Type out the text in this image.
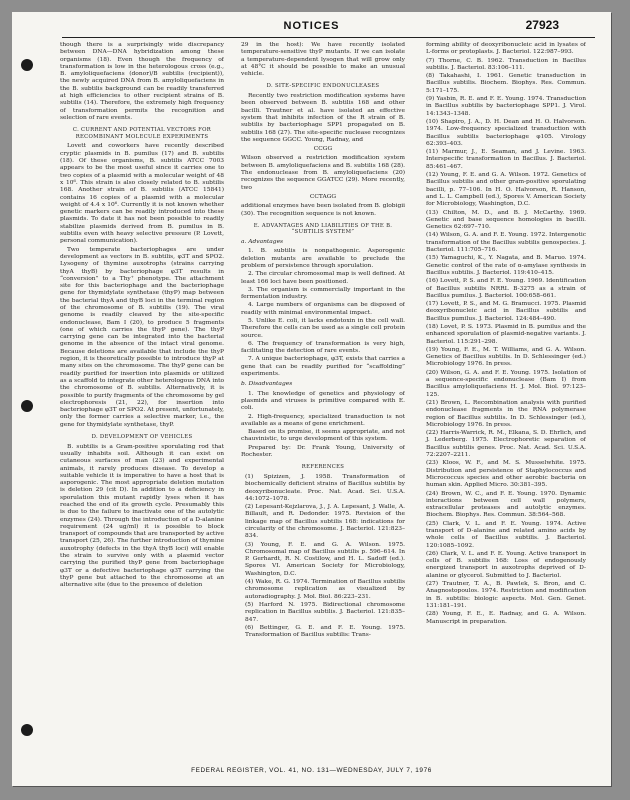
NOTICES	27923

though there is a surprisingly wide discrepancy between DNA—DNA hybridization among these organisms (18). Even though the frequency of transformation is low in the heterologous cross (e.g., B. amyloliquefaciens (donor)/B subtilis (recipient)), the newly acquired DNA from B. amyloliquefaciens in the B. subtilis background can be readily transferred at high efficiencies to other recipient strains of B. subtilis (14). Therefore, the extremely high frequency of transformation permits the recognition and selection of rare events.

C. CURRENT AND POTENTIAL VECTORS FOR RECOMBINANT MOLECULE EXPERIMENTS

Lovett and coworkers have recently described cryptic plasmids in B. pumilus (17) and B. subtilis (18). Of these organisms, B. subtilis ATCC 7003 appears to be the most useful since it carries one to two copies of a plasmid with a molecular weight of 48 x 10⁶. This strain is also closely related to B. subtilis 168. Another strain of B. subtilis (ATCC 15841) contains 16 copies of a plasmid with a molecular weight of 4.4 x 10⁶. Currently it is not known whether genetic markers can be readily introduced into these plasmids. To date it has not been possible to readily stabilize plasmids derived from B. pumilus in B. subtilis even with heavy selective pressure (P. Lovett, personal communication).

Two temperate bacteriophages are under development as vectors in B. subtilis, φ3T and SPO2. Lysogeny of thymine auxotrophs (strains carrying thyA thyB) by bacteriophage φ3T results in “conversion” to a Thy⁺ phenotype. The attachment site for this bacteriophage and the bacteriophage gene for thymidylate synthetase (thyP) map between the bacterial thyA and thyB loci in the terminal region of the chromosome of B. subtilis (19). The viral genome is readily cleaved by the site-specific endonuclease, Bam I (20), to produce 5 fragments (one of which carries the thyP gene). The thyP carrying gene can be integrated into the bacterial genome in the absence of the intact viral genome. Because deletions are available that include the thyP region, it is theoretically possible to introduce thyP at many sites on the chromosome. The thyP gene can be readily purified for insertion into plasmids or utilized as a scaffold to integrate other heterologous DNA into the chromosome of B. subtilis. Alternatively, it is possible to purify fragments of the chromosome by gel electrophoresis (21, 22), for insertion into bacteriophage φ3T or SPO2. At present, unfortunately, only the former carries a selective marker, i.e., the gene for thymidylate synthetase, thyP.

D. DEVELOPMENT OF VEHICLES

B. subtilis is a Gram-positive sporulating rod that usually inhabits soil. Although it can exist on cutaneous surfaces of man (23) and experimental animals, it rarely produces disease. To develop a suitable vehicle it is imperative to have a host that is asporogenic. The most appropriate deletion mutation is deletion 29 (cit D). In addition to a deficiency in sporulation this mutant rapidly lyses when it has reached the end of its growth cycle. Presumably this is due to the failure to inactivate one of the autolytic enzymes (24). Through the introduction of a D-alanine requirement (24 ug/ml) it is possible to block transport of compounds that are transported by active transport (25, 26). The further introduction of thymine auxotrophy (defects in the thyA thyB loci) will enable the strain to survive only with a plasmid vector carrying the purified thyP gene from bacteriophage φ3T or a defective bacteriophage φ3T carrying the thyP gene but attached to the chromosome at an alternative site (due to the presence of deletion

29 in the host): We have recently isolated temperature-sensitive thyP mutants. If we can isolate a temperature-dependent lysogen that will grow only at 48°C it should be possible to make an unusual vehicle.

D. SITE-SPECIFIC ENDONUCLEASES

Recently two restriction modification systems have been observed between B. subtilis 168 and other bacilli. Trautner et al. have isolated an effective system that inhibits infection of the R strain of B. subtilis by bacteriophage SPP1 propagated on B. subtilis 168 (27). The site-specific nuclease recognizes the sequence GGCC. Young, Radnay, and

CCGG

Wilson observed a restriction modification system between B. amyloliquefaciens and B. subtilis 168 (28). The endonuclease from B. amyloliquefaciens (20) recognizes the sequence GGATCC (29). More recently, two

CCTAGG

additional enzymes have been isolated from B. globigii (30). The recognition sequence is not known.

E. ADVANTAGES AND LIABILITIES OF THE B. “SUBTILIS SYSTEM”
a. Advantages

1. B. subtilis is nonpathogenic. Asporogenic deletion mutants are available to preclude the problem of persistence through sporulation.

2. The circular chromosomal map is well defined. At least 166 loci have been positioned.

3. The organism is commercially important in the fermentation industry.

4. Large numbers of organisms can be disposed of readily with minimal environmental impact.

5. Unlike E. coli, it lacks endotoxin in the cell wall. Therefore the cells can be used as a single cell protein source.

6. The frequency of transformation is very high, facilitating the detection of rare events.

7. A unique bacteriophage, φ3T, exists that carries a gene that can be readily purified for “scaffolding” experiments.

b. Disadvantages

1. The knowledge of genetics and physiology of plasmids and viruses is primitive compared with E. coli.

2. High-frequency, specialized transduction is not available as a means of gene enrichment.

Based on its promise, it seems appropriate, and not chauvinistic, to urge development of this system.

Prepared by: Dr. Frank Young, University of Rochester.

REFERENCES

(1) Spizizen, J. 1958. Transformation of biochemically deficient strains of Bacillus subtilis by deoxyribonucleate. Proc. Nat. Acad. Sci. U.S.A. 44:1072–1078.

(2) Lepesant-Kejzlarova, J., J. A. Lepesant, J. Walle, A. Billault, and R. Dedonder. 1975. Revision of the linkage map of Bacillus subtilis 168: indications for circularity of the chromosome. J. Bacteriol. 121:823–834.

(3) Young, F. E. and G. A. Wilson. 1975. Chromosomal map of Bacillus subtilis p. 596–614. In P. Gerhardt, R. N. Costilow, and H. L. Sadoff (ed.). Spores VI. American Society for Microbiology, Washington, D.C.

(4) Wake, R. G. 1974. Termination of Bacillus subtilis chromosome replication as visualized by autoradiography. J. Mol. Biol. 86:223–231.

(5) Harford N. 1975. Bidirectional chromosome replication in Bacillus subtilis. J. Bacteriol. 121:835–847.

(6) Bettinger, G. E. and F. E. Young. 1975. Transformation of Bacillus subtilis: Trans-

forming ability of deoxyribonucleic acid in lysates of L-forms or protoplasts. J. Bacteriol. 122:987–993.

(7) Thorne, C. B. 1962. Transduction in Bacillus subtilis. J. Bacteriol. 83:106–111.

(8) Takahashi, I. 1961. Genetic transduction in Bacillus subtilis. Biochem. Biophys. Res. Commun. 5:171–175.

(9) Yasbin, R. E. and F. E. Young. 1974. Transduction in Bacillus subtilis by bacteriophage SPP1. J. Virol. 14:1343–1348.

(10) Shapiro, J. A., D. H. Dean and H. O. Halvorson. 1974. Low-frequency specialized transduction with Bacillus subtilis bacteriophage φ105. Virology 62:393–403.

(11) Marmur, J., E. Seaman, and J. Levine. 1963. Interspecific transformation in Bacillus. J. Bacteriol. 85:461–467.

(12) Young, F. E. and G. A. Wilson. 1972. Genetics of Bacillus subtilis and other gram-positive sporulating bacilli, p. 77–106. In H. O. Halvorson, R. Hanson, and L. L. Campbell (ed.), Spores V. American Society for Microbiology, Washington, D.C.

(13) Chilton, M. D., and B. J. McCarthy. 1969. Genetic and base sequence homologies in bacilli. Genetics 62:697–710.

(14) Wilson, G. A. and F. E. Young. 1972. Intergenotic transformation of the Bacillus subtilis genospecies. J. Bacteriol. 111:705–716.

(15) Yamaguchi, K., Y. Nagata, and B. Maruo. 1974. Genetic control of the rate of α-amylase synthesis in Bacillus subtilis. J. Bacteriol. 119:410–415.

(16) Lovett, P. S. and F. E. Young. 1969. Identification of Bacillus subtilis NRRL B-3275 as a strain of Bacillus pumilus. J. Bacteriol. 100:658–661.

(17) Lovett, P. S., and M. G. Bramucci. 1975. Plasmid deoxyribonucleic acid in Bacillus subtilis and Bacillus pumilus. J. Bacteriol. 124:484–490.

(18) Lovet, P. S. 1973. Plasmid in B. pumilus and the enhanced sporulation of plasmid-negative variants. J. Bacteriol. 115:291–298.

(19) Young, F. E., M. T. Williams, and G. A. Wilson. Genetics of Bacillus subtilis. In D. Schlessinger (ed.) Microbiology 1976. In press.

(20) Wilson, G. A. and F. E. Young. 1975. Isolation of a sequence-specific endonuclease (Bam I) from Bacillus amyloliquefaciens H. J. Mol. Biol. 97:123–125.

(21) Brown, L. Recombination analysis with purified endonuclease fragments in the RNA polymerase region of Bacillus subtilis. In D. Schlessinger (ed.), Microbiology 1976. In press.

(22) Harris-Warrick, R. M., Elkana, S. D. Ehrlich, and J. Lederberg. 1975. Electrophoretic separation of Bacillus subtilis genes. Proc. Nat. Acad. Sci. U.S.A. 72:2207–2211.

(23) Kloos, W. F., and M. S. Musselwhite. 1975. Distribution and persistence of Staphylococcus and Micrococcus species and other aerobic bacteria on human skin. Applied Micro. 30:381–395.

(24) Brown, W. C., and F. E. Young. 1970. Dynamic interactions between cell wall polymers, extracellular proteases and autolytic enzymes. Biochem. Biophys. Res. Commun. 38:564–568.

(25) Clark, V. L. and F. E. Young. 1974. Active transport of D-alanine and related amino acids by whole cells of Bacillus subtilis. J. Bacteriol. 120:1085–1092.

(26) Clark, V. L. and F. E. Young. Active transport in cells of B. subtilis 168: Loss of endogenously energized transport in auxotrophs deprived of D-alanine or glycerol. Submitted to J. Bacteriol.

(27) Trautner, T. A., B. Pawlek, S. Bron, and C. Anagnostopoulos. 1974. Restriction and modification in B. subtilis: biologic aspects. Mol. Gen. Genet. 131:181–191.

(28) Young, F. E., E. Radnay, and G. A. Wilson. Manuscript in preparation.

FEDERAL REGISTER, VOL. 41, NO. 131—WEDNESDAY, JULY 7, 1976
